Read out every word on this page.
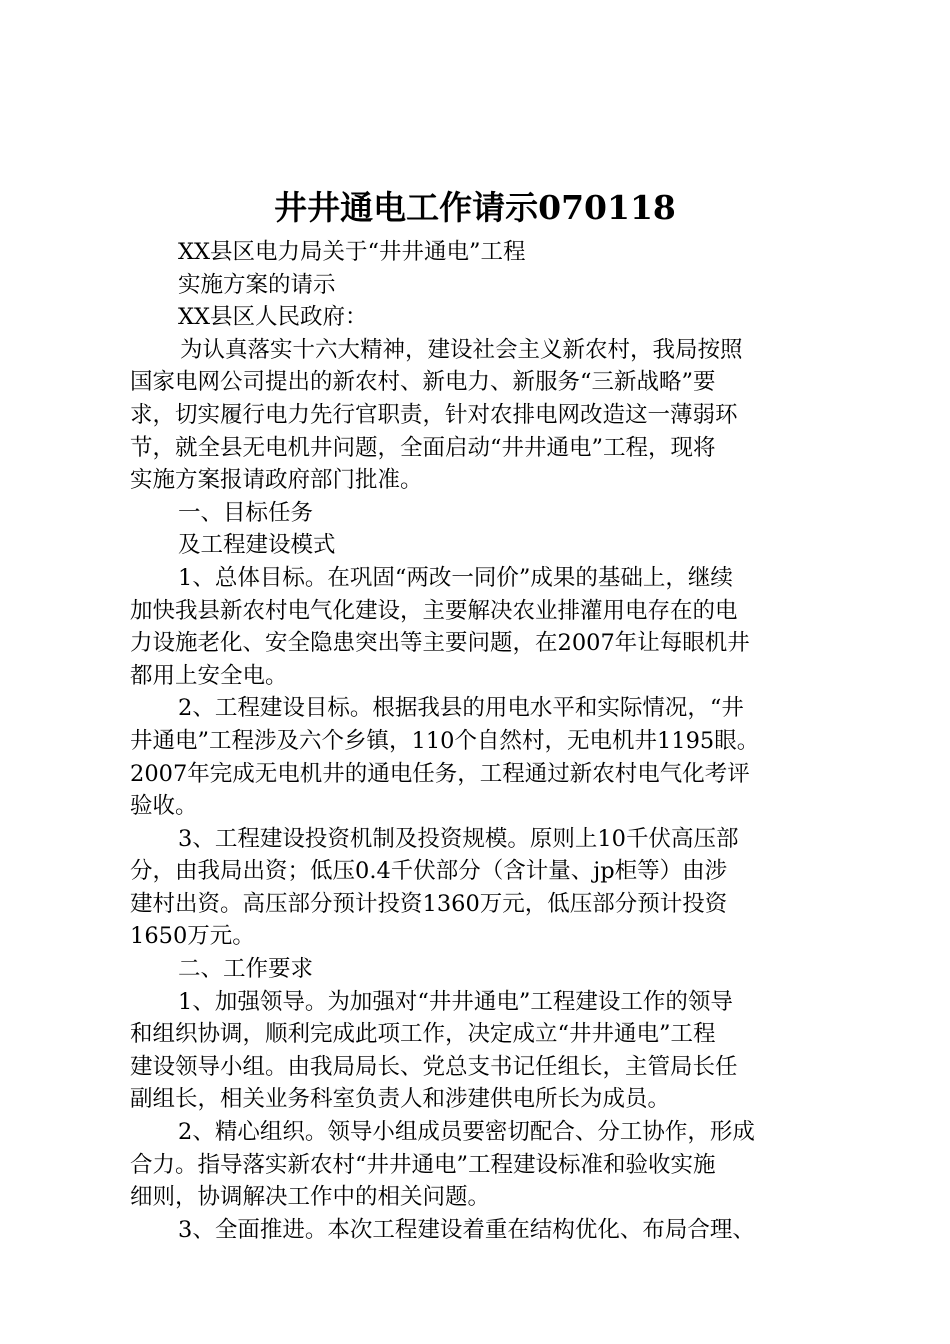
井井通电工作请示070118
XX县区电力局关于“井井通电”工程
实施方案的请示
XX县区人民政府：
为认真落实十六大精神，建设社会主义新农村，我局按照
国家电网公司提出的新农村、新电力、新服务“三新战略”要
求，切实履行电力先行官职责，针对农排电网改造这一薄弱环
节，就全县无电机井问题，全面启动“井井通电”工程，现将
实施方案报请政府部门批准。
一、目标任务
及工程建设模式
1、总体目标。在巩固“两改一同价”成果的基础上，继续
加快我县新农村电气化建设，主要解决农业排灌用电存在的电
力设施老化、安全隐患突出等主要问题，在2007年让每眼机井
都用上安全电。
2、工程建设目标。根据我县的用电水平和实际情况，“井
井通电”工程涉及六个乡镇，110个自然村，无电机井1195眼。
2007年完成无电机井的通电任务，工程通过新农村电气化考评
验收。
3、工程建设投资机制及投资规模。原则上10千伏高压部
分，由我局出资；低压0.4千伏部分（含计量、jp柜等）由涉
建村出资。高压部分预计投资1360万元，低压部分预计投资
1650万元。
二、工作要求
1、加强领导。为加强对“井井通电”工程建设工作的领导
和组织协调，顺利完成此项工作，决定成立“井井通电”工程
建设领导小组。由我局局长、党总支书记任组长，主管局长任
副组长，相关业务科室负责人和涉建供电所长为成员。
2、精心组织。领导小组成员要密切配合、分工协作，形成
合力。指导落实新农村“井井通电”工程建设标准和验收实施
细则，协调解决工作中的相关问题。
3、全面推进。本次工程建设着重在结构优化、布局合理、
